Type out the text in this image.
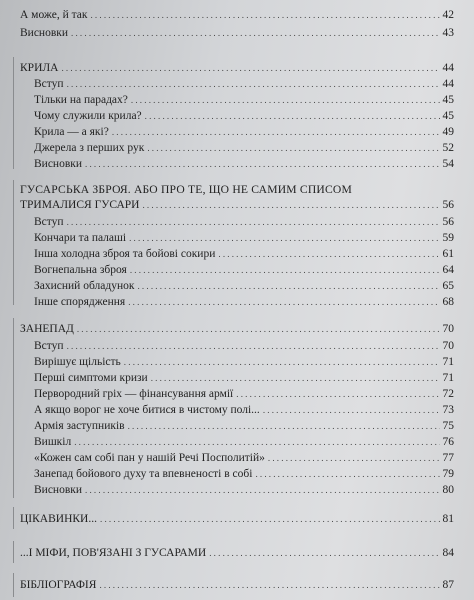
А може, й так .....	42
Висновки .....	43
КРИЛА .....	44
Вступ .....	44
Тільки на парадах? .....	45
Чому служили крила? .....	45
Крила — а які? .....	49
Джерела з перших рук .....	52
Висновки .....	54
ГУСАРСЬКА ЗБРОЯ. АБО ПРО ТЕ, ЩО НЕ САМИМ СПИСОМ
ТРИМАЛИСЯ ГУСАРИ .....	56
Вступ .....	56
Кончари та палаші .....	59
Інша холодна зброя та бойові сокири .....	61
Вогнепальна зброя .....	64
Захисний обладунок .....	65
Інше спорядження .....	68
ЗАНЕПАД .....	70
Вступ .....	70
Вирішує щільість .....	71
Перші симптоми кризи .....	71
Первородний гріх — фінансування армії .....	72
А якщо ворог не хоче битися в чистому полі... .....	73
Армія заступників .....	75
Вишкіл .....	76
«Кожен сам собі пан у нашій Речі Посполитій» .....	77
Занепад бойового духу та впевненості в собі .....	79
Висновки .....	80
ЦІКАВИНКИ... .....	81
...І МІФИ, ПОВ'ЯЗАНІ З ГУСАРАМИ .....	84
БІБЛІОГРАФІЯ .....	87
